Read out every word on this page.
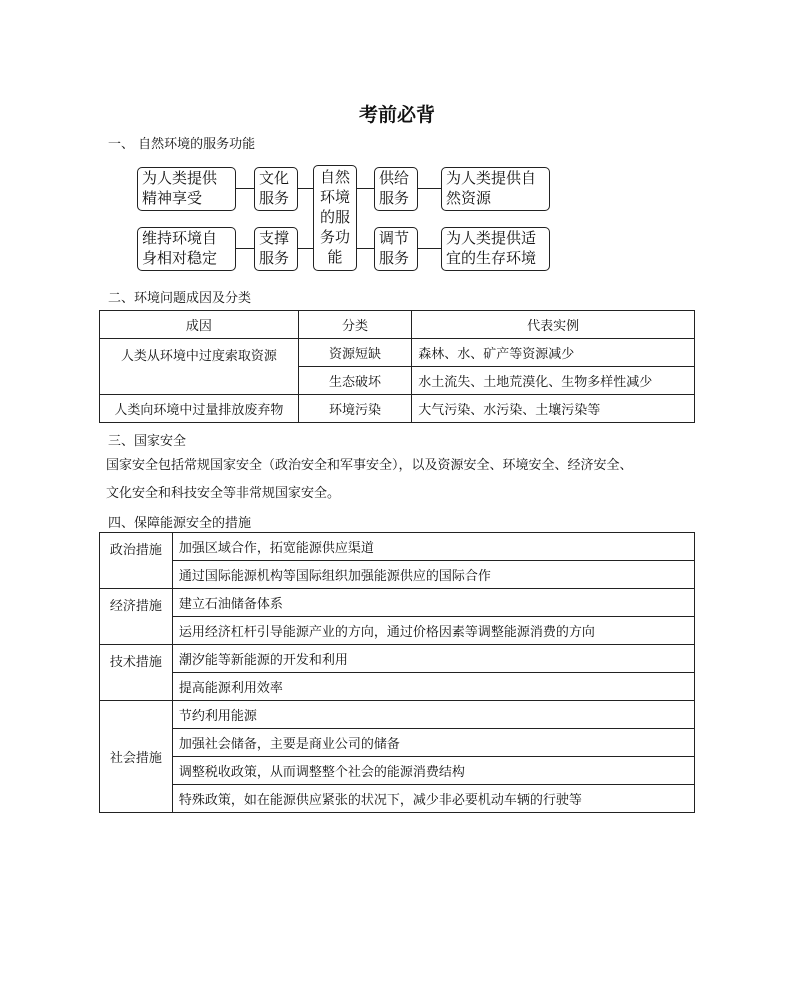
考前必背
一、 自然环境的服务功能
为人类提供
精神享受
文化
服务
维持环境自
身相对稳定
支撑
服务
自然
环境
的服
务功
能
供给
服务
为人类提供自
然资源
调节
服务
为人类提供适
宜的生存环境
二、环境问题成因及分类
成因	分类	代表实例
人类从环境中过度索取资源	资源短缺	森林、水、矿产等资源减少
	生态破坏	水土流失、土地荒漠化、生物多样性减少
人类向环境中过量排放废弃物	环境污染	大气污染、水污染、土壤污染等
三、国家安全
国家安全包括常规国家安全（政治安全和军事安全），以及资源安全、环境安全、经济安全、
文化安全和科技安全等非常规国家安全。
四、保障能源安全的措施
政治措施	加强区域合作，拓宽能源供应渠道
	通过国际能源机构等国际组织加强能源供应的国际合作
经济措施	建立石油储备体系
	运用经济杠杆引导能源产业的方向，通过价格因素等调整能源消费的方向
技术措施	潮汐能等新能源的开发和利用
	提高能源利用效率
社会措施	节约利用能源
	加强社会储备，主要是商业公司的储备
	调整税收政策，从而调整整个社会的能源消费结构
	特殊政策，如在能源供应紧张的状况下，减少非必要机动车辆的行驶等
